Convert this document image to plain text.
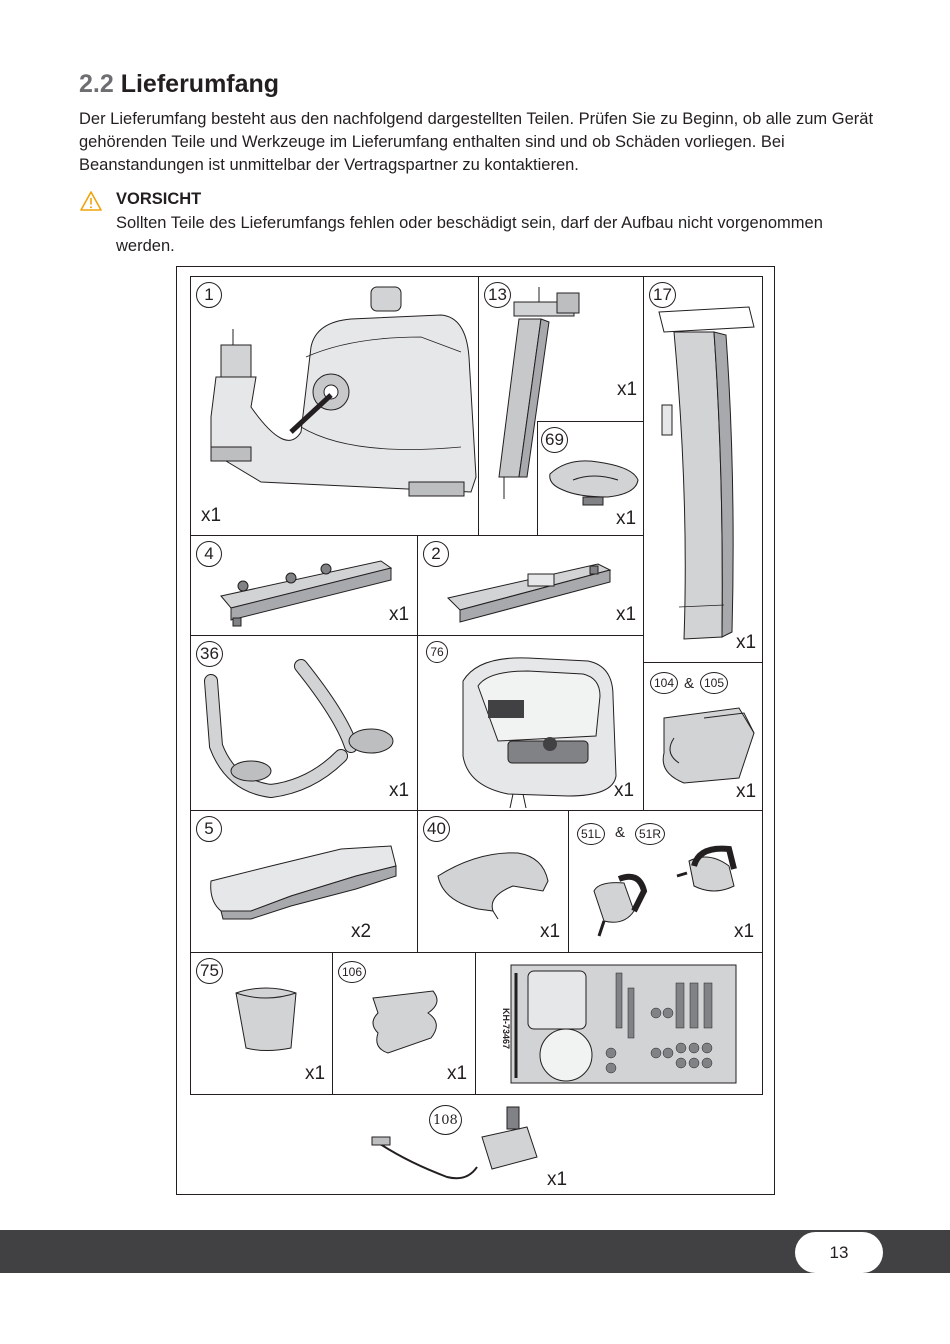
2.2 Lieferumfang

Der Lieferumfang besteht aus den nachfolgend dargestellten Teilen. Prüfen Sie zu Beginn, ob alle zum Gerät gehörenden Teile und Werkzeuge im Lieferumfang enthalten sind und ob Schäden vorliegen. Bei Beanstandungen ist unmittelbar der Vertragspartner zu kontaktieren.

VORSICHT

Sollten Teile des Lieferumfangs fehlen oder beschädigt sein, darf der Aufbau nicht vorgenommen werden.

1
x1
13
x1
69
x1
17
x1
4
x1
2
x1
36
x1
76
x1
104 & 105
x1
5
x2
40
x1
51L &	51R
x1
75
x1
106
x1
KH-73467
108
x1
13
